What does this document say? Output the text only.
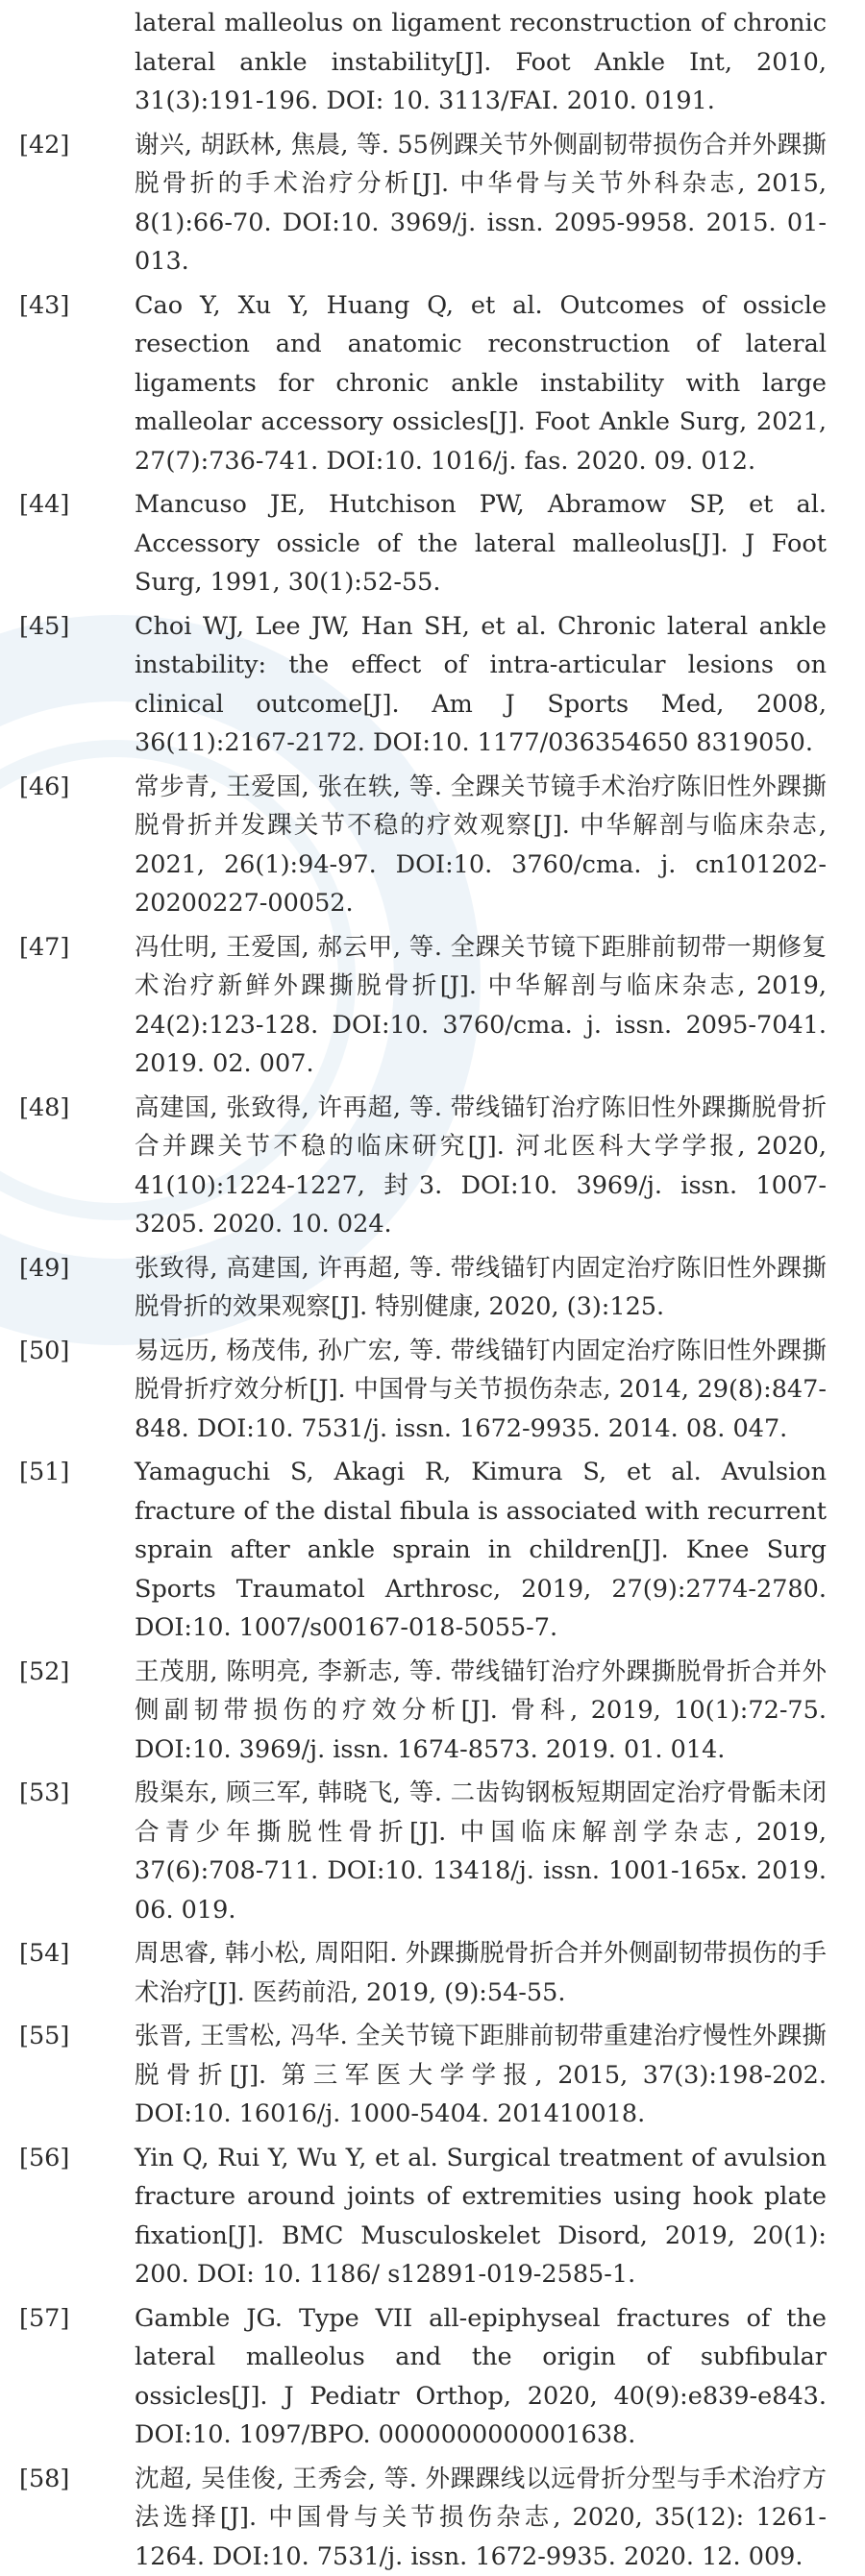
lateral malleolus on ligament reconstruction of chronic lateral ankle instability[J]. Foot Ankle Int, 2010, 31(3):191-196. DOI: 10. 3113/FAI. 2010. 0191.
[42]	谢兴, 胡跃林, 焦晨, 等. 55例踝关节外侧副韧带损伤合并外踝撕脱骨折的手术治疗分析[J]. 中华骨与关节外科杂志, 2015, 8(1):66-70. DOI:10. 3969/j. issn. 2095-9958. 2015. 01-013.
[43]	Cao Y, Xu Y, Huang Q, et al. Outcomes of ossicle resection and anatomic reconstruction of lateral ligaments for chronic ankle instability with large malleolar accessory ossicles[J]. Foot Ankle Surg, 2021, 27(7):736-741. DOI:10. 1016/j. fas. 2020. 09. 012.
[44]	Mancuso JE, Hutchison PW, Abramow SP, et al. Accessory ossicle of the lateral malleolus[J]. J Foot Surg, 1991, 30(1):52-55.
[45]	Choi WJ, Lee JW, Han SH, et al. Chronic lateral ankle instability: the effect of intra-articular lesions on clinical outcome[J]. Am J Sports Med, 2008, 36(11):2167-2172. DOI:10. 1177/036354650 8319050.
[46]	常步青, 王爱国, 张在轶, 等. 全踝关节镜手术治疗陈旧性外踝撕脱骨折并发踝关节不稳的疗效观察[J]. 中华解剖与临床杂志, 2021, 26(1):94-97. DOI:10. 3760/cma. j. cn101202-20200227-00052.
[47]	冯仕明, 王爱国, 郝云甲, 等. 全踝关节镜下距腓前韧带一期修复术治疗新鲜外踝撕脱骨折[J]. 中华解剖与临床杂志, 2019, 24(2):123-128. DOI:10. 3760/cma. j. issn. 2095-7041. 2019. 02. 007.
[48]	高建国, 张致得, 许再超, 等. 带线锚钉治疗陈旧性外踝撕脱骨折合并踝关节不稳的临床研究[J]. 河北医科大学学报, 2020, 41(10):1224-1227, 封3. DOI:10. 3969/j. issn. 1007-3205. 2020. 10. 024.
[49]	张致得, 高建国, 许再超, 等. 带线锚钉内固定治疗陈旧性外踝撕脱骨折的效果观察[J]. 特别健康, 2020, (3):125.
[50]	易远历, 杨茂伟, 孙广宏, 等. 带线锚钉内固定治疗陈旧性外踝撕脱骨折疗效分析[J]. 中国骨与关节损伤杂志, 2014, 29(8):847-848. DOI:10. 7531/j. issn. 1672-9935. 2014. 08. 047.
[51]	Yamaguchi S, Akagi R, Kimura S, et al. Avulsion fracture of the distal fibula is associated with recurrent sprain after ankle sprain in children[J]. Knee Surg Sports Traumatol Arthrosc, 2019, 27(9):2774-2780. DOI:10. 1007/s00167-018-5055-7.
[52]	王茂朋, 陈明亮, 李新志, 等. 带线锚钉治疗外踝撕脱骨折合并外侧副韧带损伤的疗效分析[J]. 骨科, 2019, 10(1):72-75. DOI:10. 3969/j. issn. 1674-8573. 2019. 01. 014.
[53]	殷渠东, 顾三军, 韩晓飞, 等. 二齿钩钢板短期固定治疗骨骺未闭合青少年撕脱性骨折[J]. 中国临床解剖学杂志, 2019, 37(6):708-711. DOI:10. 13418/j. issn. 1001-165x. 2019. 06. 019.
[54]	周思睿, 韩小松, 周阳阳. 外踝撕脱骨折合并外侧副韧带损伤的手术治疗[J]. 医药前沿, 2019, (9):54-55.
[55]	张晋, 王雪松, 冯华. 全关节镜下距腓前韧带重建治疗慢性外踝撕脱骨折[J]. 第三军医大学学报, 2015, 37(3):198-202. DOI:10. 16016/j. 1000-5404. 201410018.
[56]	Yin Q, Rui Y, Wu Y, et al. Surgical treatment of avulsion fracture around joints of extremities using hook plate fixation[J]. BMC Musculoskelet Disord, 2019, 20(1): 200. DOI: 10. 1186/ s12891-019-2585-1.
[57]	Gamble JG. Type VII all-epiphyseal fractures of the lateral malleolus and the origin of subfibular ossicles[J]. J Pediatr Orthop, 2020, 40(9):e839-e843. DOI:10. 1097/BPO. 0000000000001638.
[58]	沈超, 吴佳俊, 王秀会, 等. 外踝踝线以远骨折分型与手术治疗方法选择[J]. 中国骨与关节损伤杂志, 2020, 35(12): 1261-1264. DOI:10. 7531/j. issn. 1672-9935. 2020. 12. 009.
